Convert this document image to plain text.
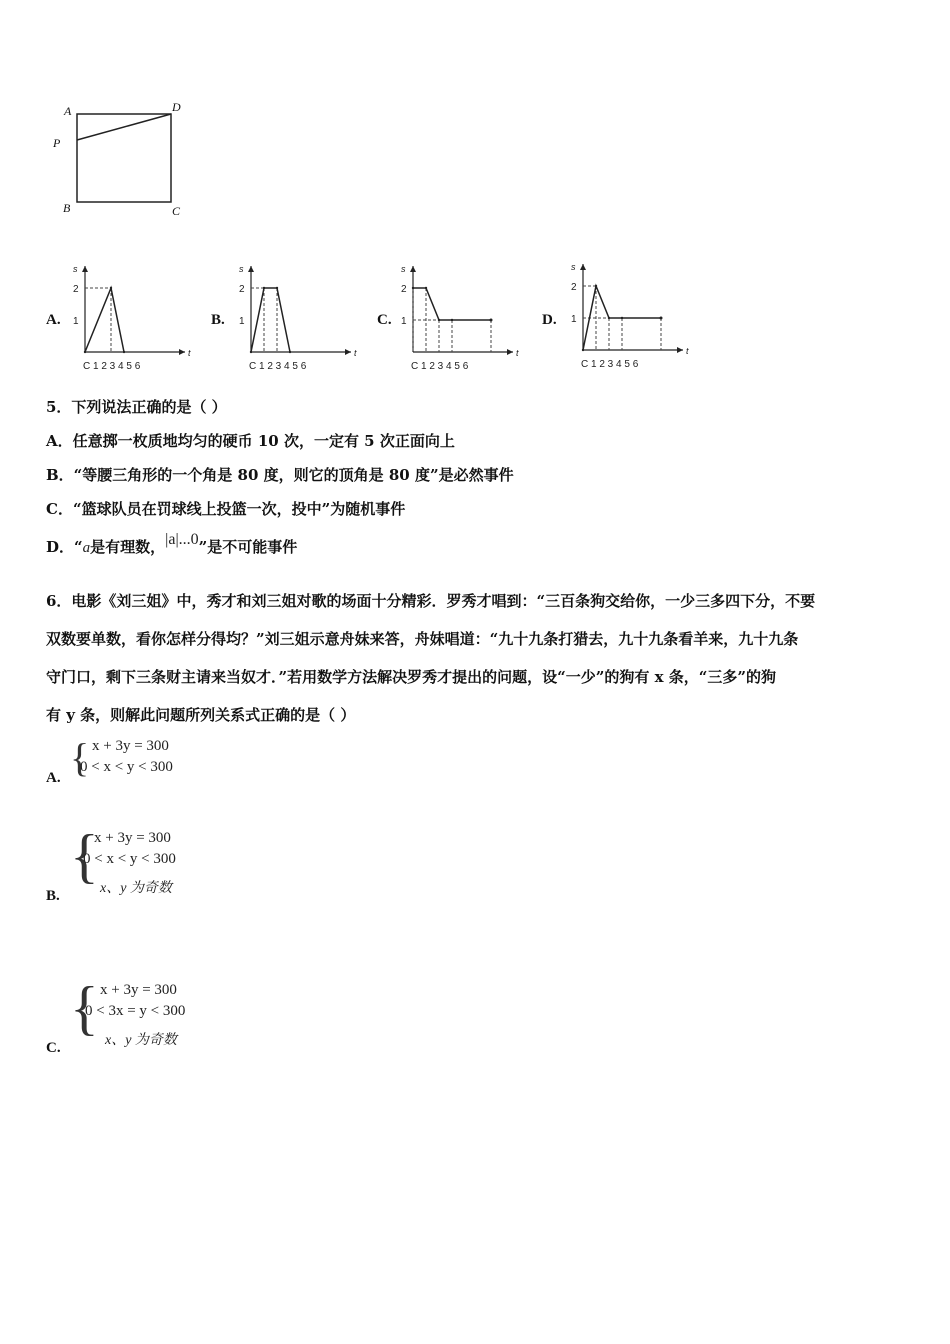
A	D
P
B	C
A.	B.	C.	D.
s
t
2
1
C 1 2 3 4 5 6
s
t
2
1
C 1 2 3 4 5 6
s
t
2
1
C 1 2 3 4 5 6
s
t
2
1
C 1 2 3 4 5 6
5．下列说法正确的是（ ）
A．任意掷一枚质地均匀的硬币 10 次，一定有 5 次正面向上
B．“等腰三角形的一个角是 80 度，则它的顶角是 80 度”是必然事件
C．“篮球队员在罚球线上投篮一次，投中”为随机事件
D．“a是有理数，|a|...0”是不可能事件
6．电影《刘三姐》中，秀才和刘三姐对歌的场面十分精彩．罗秀才唱到：“三百条狗交给你，一少三多四下分，不要
双数要单数，看你怎样分得均？”刘三姐示意舟妹来答，舟妹唱道：“九十九条打猎去，九十九条看羊来，九十九条
守门口，剩下三条财主请来当奴才．”若用数学方法解决罗秀才提出的问题，设“一少”的狗有 x 条，“三多”的狗
有 y 条，则解此问题所列关系式正确的是（ ）
A. { x + 3y = 300
0 < x < y < 300
B.
{
x + 3y = 300
0 < x < y < 300
x、y 为奇数
C.
{ x + 3y = 300
0 < 3x = y < 300
x、y 为奇数
